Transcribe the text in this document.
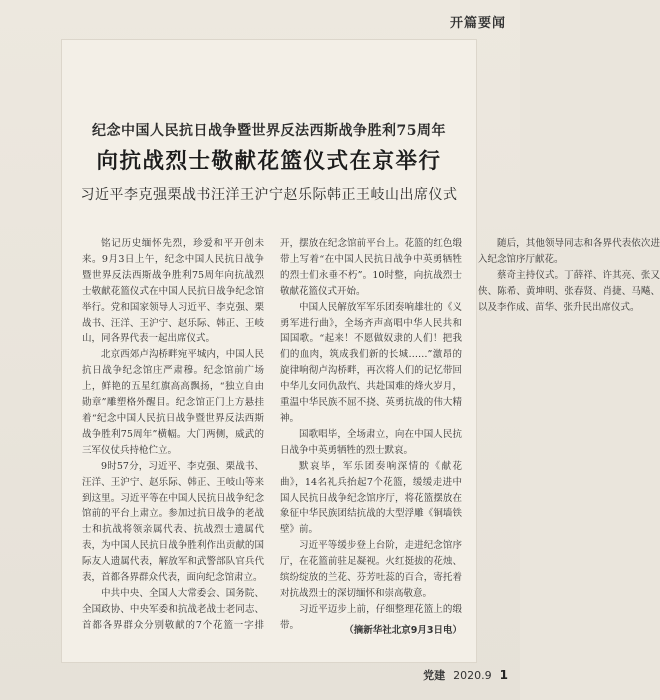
开篇要闻
纪念中国人民抗日战争暨世界反法西斯战争胜利75周年
向抗战烈士敬献花篮仪式在京举行
习近平李克强栗战书汪洋王沪宁赵乐际韩正王岐山出席仪式

铭记历史缅怀先烈，珍爱和平开创未来。9月3日上午，纪念中国人民抗日战争暨世界反法西斯战争胜利75周年向抗战烈士敬献花篮仪式在中国人民抗日战争纪念馆举行。党和国家领导人习近平、李克强、栗战书、汪洋、王沪宁、赵乐际、韩正、王岐山，同各界代表一起出席仪式。

北京西郊卢沟桥畔宛平城内，中国人民抗日战争纪念馆庄严肃穆。纪念馆前广场上，鲜艳的五星红旗高高飘扬，“独立自由勋章”雕塑格外醒目。纪念馆正门上方悬挂着“纪念中国人民抗日战争暨世界反法西斯战争胜利75周年”横幅。大门两侧，威武的三军仪仗兵持枪伫立。

9时57分，习近平、李克强、栗战书、汪洋、王沪宁、赵乐际、韩正、王岐山等来到这里。习近平等在中国人民抗日战争纪念馆前的平台上肃立。参加过抗日战争的老战士和抗战将领亲属代表、抗战烈士遗属代表，为中国人民抗日战争胜利作出贡献的国际友人遗属代表，解放军和武警部队官兵代表，首都各界群众代表，面向纪念馆肃立。

中共中央、全国人大常委会、国务院、全国政协、中央军委和抗战老战士老同志、首都各界群众分别敬献的7个花篮一字排开，摆放在纪念馆前平台上。花篮的红色缎带上写着“在中国人民抗日战争中英勇牺牲的烈士们永垂不朽”。10时整，向抗战烈士敬献花篮仪式开始。

中国人民解放军军乐团奏响雄壮的《义勇军进行曲》，全场齐声高唱中华人民共和国国歌。“起来！不愿做奴隶的人们！把我们的血肉，筑成我们新的长城……”激昂的旋律响彻卢沟桥畔，再次将人们的记忆带回中华儿女同仇敌忾、共赴国难的烽火岁月，重温中华民族不屈不挠、英勇抗战的伟大精神。

国歌唱毕，全场肃立，向在中国人民抗日战争中英勇牺牲的烈士默哀。

默哀毕，军乐团奏响深情的《献花曲》，14名礼兵抬起7个花篮，缓缓走进中国人民抗日战争纪念馆序厅，将花篮摆放在象征中华民族团结抗战的大型浮雕《铜墙铁壁》前。

习近平等缓步登上台阶，走进纪念馆序厅，在花篮前驻足凝视。火红挺拔的花烛、缤纷绽放的兰花、芬芳吐蕊的百合，寄托着对抗战烈士的深切缅怀和崇高敬意。

习近平迈步上前，仔细整理花篮上的缎带。

随后，其他领导同志和各界代表依次进入纪念馆序厅献花。

蔡奇主持仪式。丁薛祥、许其亮、张又侠、陈希、黄坤明、张春贤、肖捷、马飚、以及李作成、苗华、张升民出席仪式。

（摘新华社北京9月3日电）
党建 2020.9 1
